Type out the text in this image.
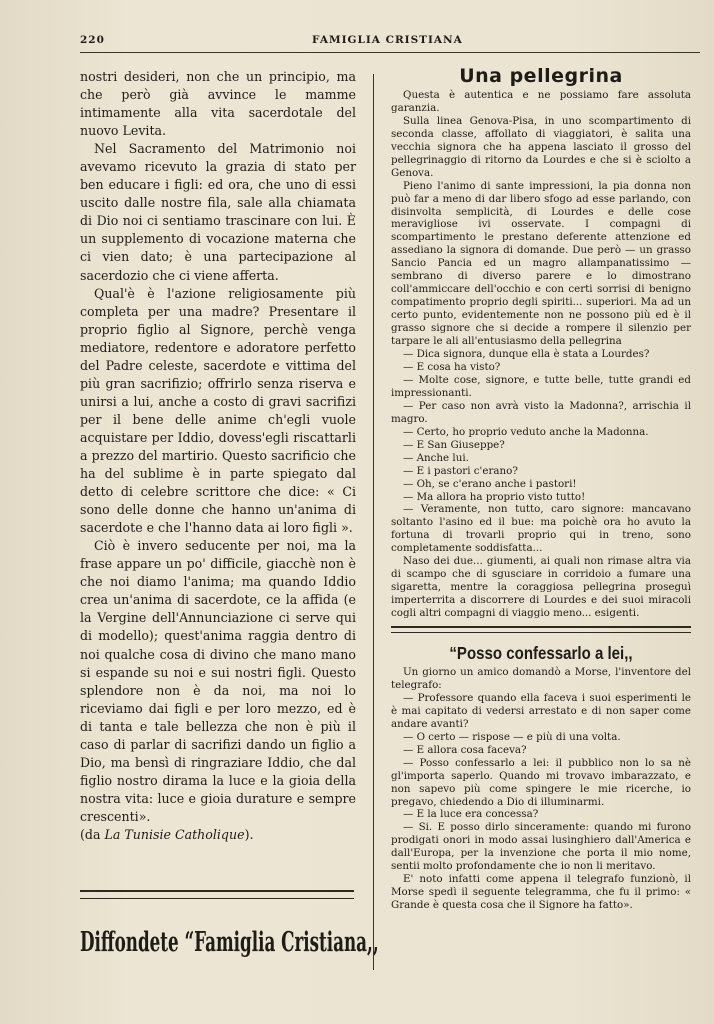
220	FAMIGLIA CRISTIANA

nostri desideri, non che un principio, ma che però già avvince le mamme intimamente alla vita sacerdotale del nuovo Levita.

Nel Sacramento del Matrimonio noi avevamo ricevuto la grazia di stato per ben educare i figli: ed ora, che uno di essi uscito dalle nostre fila, sale alla chiamata di Dio noi ci sentiamo trascinare con lui. È un supplemento di vocazione materna che ci vien dato; è una partecipazione al sacerdozio che ci viene afferta.

Qual'è è l'azione religiosamente più completa per una madre? Presentare il proprio figlio al Signore, perchè venga mediatore, redentore e adoratore perfetto del Padre celeste, sacerdote e vittima del più gran sacrifizio; offrirlo senza riserva e unirsi a lui, anche a costo di gravi sacrifizi per il bene delle anime ch'egli vuole acquistare per Iddio, dovess'egli riscattarli a prezzo del martirio. Questo sacrificio che ha del sublime è in parte spiegato dal detto di celebre scrittore che dice: « Ci sono delle donne che hanno un'anima di sacerdote e che l'hanno data ai loro figli ».

Ciò è invero seducente per noi, ma la frase appare un po' difficile, giacchè non è che noi diamo l'anima; ma quando Iddio crea un'anima di sacerdote, ce la affida (e la Vergine dell'Annunciazione ci serve qui di modello); quest'anima raggia dentro di noi qualche cosa di divino che mano mano si espande su noi e sui nostri figli. Questo splendore non è da noi, ma noi lo riceviamo dai figli e per loro mezzo, ed è di tanta e tale bellezza che non è più il caso di parlar di sacrifizi dando un figlio a Dio, ma bensì di ringraziare Iddio, che dal figlio nostro dirama la luce e la gioia della nostra vita: luce e gioia durature e sempre crescenti».

(da La Tunisie Catholique).

Diffondete “Famiglia Cristiana,,
Una pellegrina

Questa è autentica e ne possiamo fare assoluta garanzia.

Sulla linea Genova-Pisa, in uno scompartimento di seconda classe, affollato di viaggiatori, è salita una vecchia signora che ha appena lasciato il grosso del pellegrinaggio di ritorno da Lourdes e che si è sciolto a Genova.

Pieno l'animo di sante impressioni, la pia donna non può far a meno di dar libero sfogo ad esse parlando, con disinvolta semplicità, di Lourdes e delle cose meravigliose ivi osservate. I compagni di scompartimento le prestano deferente attenzione ed assediano la signora di domande. Due però — un grasso Sancio Pancia ed un magro allampanatissimo — sembrano di diverso parere e lo dimostrano coll'ammiccare dell'occhio e con certi sorrisi di benigno compatimento proprio degli spiriti... superiori. Ma ad un certo punto, evidentemente non ne possono più ed è il grasso signore che si decide a rompere il silenzio per tarpare le ali all'entusiasmo della pellegrina

— Dica signora, dunque ella è stata a Lourdes?

— E cosa ha visto?

— Molte cose, signore, e tutte belle, tutte grandi ed impressionanti.

— Per caso non avrà visto la Madonna?, arrischia il magro.

— Certo, ho proprio veduto anche la Madonna.

— E San Giuseppe?

— Anche lui.

— E i pastori c'erano?

— Oh, se c'erano anche i pastori!

— Ma allora ha proprio visto tutto!

— Veramente, non tutto, caro signore: mancavano soltanto l'asino ed il bue: ma poichè ora ho avuto la fortuna di trovarli proprio qui in treno, sono completamente soddisfatta...

Naso dei due... giumenti, ai quali non rimase altra via di scampo che di sgusciare in corridoio a fumare una sigaretta, mentre la coraggiosa pellegrina proseguì imperterrita a discorrere di Lourdes e dei suoi miracoli cogli altri compagni di viaggio meno... esigenti.

“Posso confessarlo a lei,,

Un giorno un amico domandò a Morse, l'inventore del telegrafo:

— Professore quando ella faceva i suoi esperimenti le è mai capitato di vedersi arrestato e di non saper come andare avanti?

— O certo — rispose — e più di una volta.

— E allora cosa faceva?

— Posso confessarlo a lei: il pubblico non lo sa nè gl'importa saperlo. Quando mi trovavo imbarazzato, e non sapevo più come spingere le mie ricerche, io pregavo, chiedendo a Dio di illuminarmi.

— E la luce era concessa?

— Si. E posso dirlo sinceramente: quando mi furono prodigati onori in modo assai lusinghiero dall'America e dall'Europa, per la invenzione che porta il mio nome, sentii molto profondamente che io non li meritavo.

E' noto infatti come appena il telegrafo funzionò, il Morse spedì il seguente telegramma, che fu il primo: « Grande è questa cosa che il Signore ha fatto».
